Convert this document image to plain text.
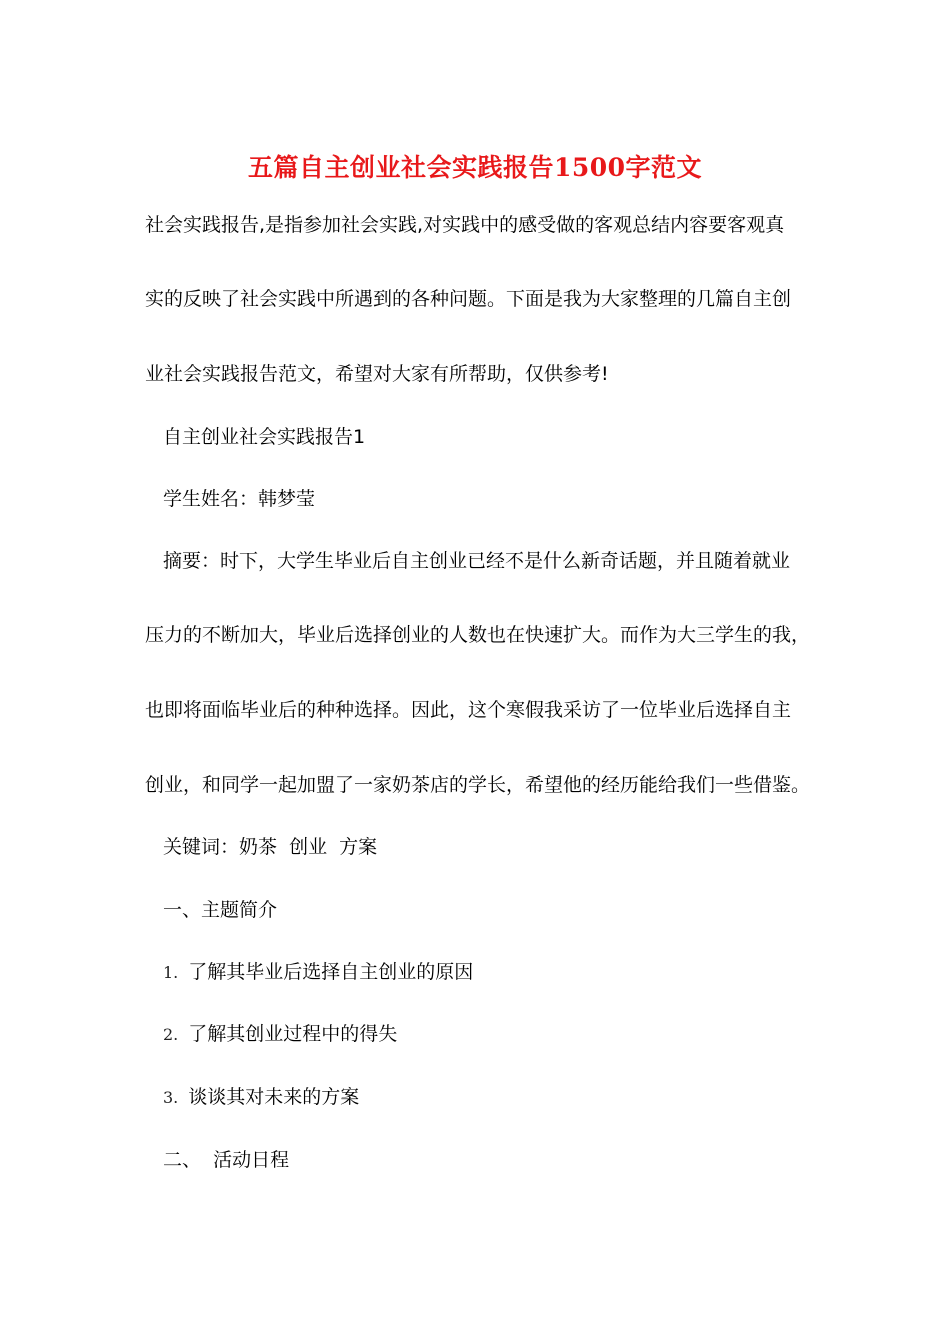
五篇自主创业社会实践报告1500字范文
社会实践报告,是指参加社会实践,对实践中的感受做的客观总结内容要客观真
实的反映了社会实践中所遇到的各种问题。下面是我为大家整理的几篇自主创
业社会实践报告范文，希望对大家有所帮助，仅供参考!
自主创业社会实践报告1
学生姓名：韩梦莹
摘要：时下，大学生毕业后自主创业已经不是什么新奇话题，并且随着就业
压力的不断加大，毕业后选择创业的人数也在快速扩大。而作为大三学生的我，
也即将面临毕业后的种种选择。因此，这个寒假我采访了一位毕业后选择自主
创业，和同学一起加盟了一家奶茶店的学长，希望他的经历能给我们一些借鉴。
关键词：奶茶  创业  方案
一、主题简介
1. 了解其毕业后选择自主创业的原因
2. 了解其创业过程中的得失
3. 谈谈其对未来的方案
二、  活动日程
